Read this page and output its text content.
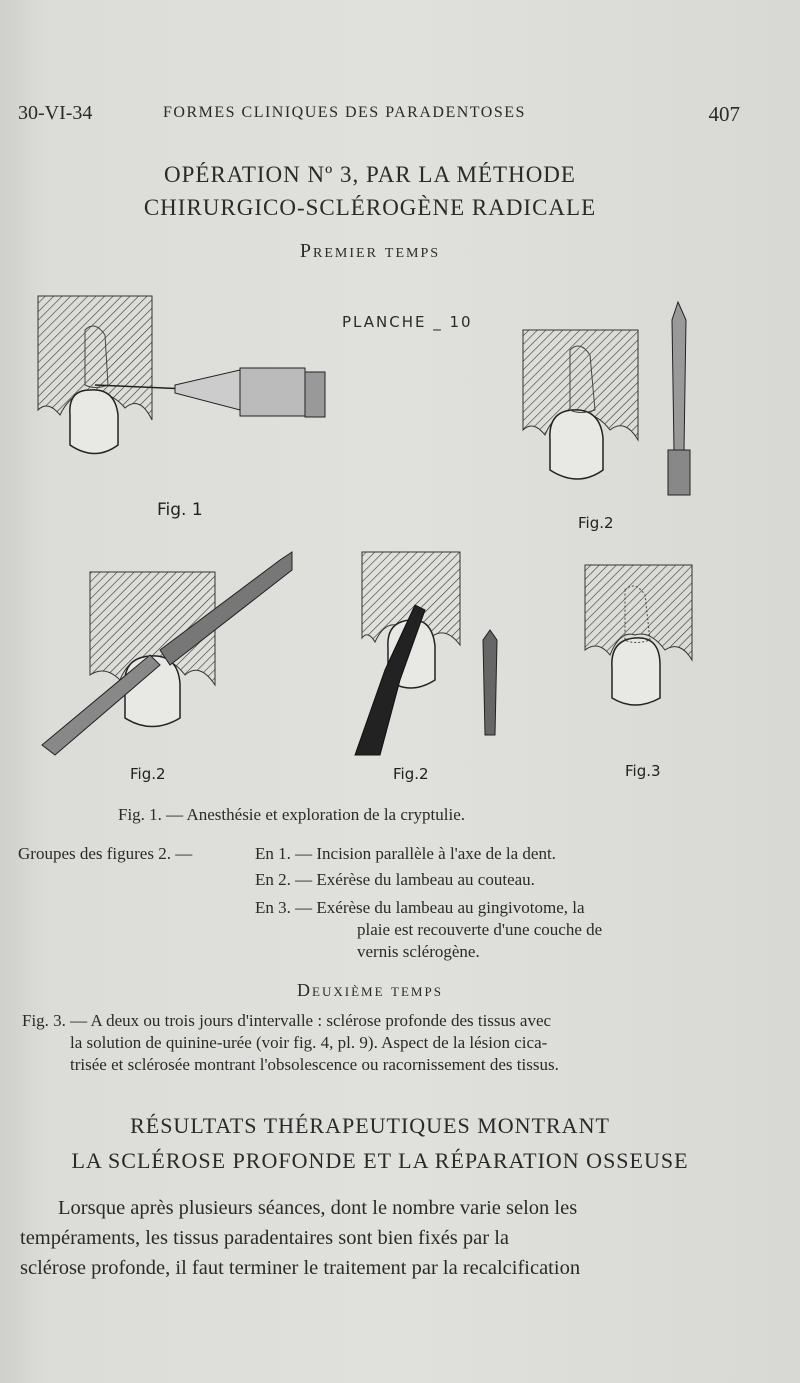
30-VI-34	FORMES CLINIQUES DES PARADENTOSES	407
OPÉRATION Nº 3, PAR LA MÉTHODE
CHIRURGICO-SCLÉROGÈNE RADICALE
Premier temps
PLANCHE _ 10
Fig. 1
Fig.2
Fig.2	Fig.2	Fig.3
Fig. 1. — Anesthésie et exploration de la cryptulie.
Groupes des figures 2. —	En 1. — Incision parallèle à l'axe de la dent.
En 2. — Exérèse du lambeau au couteau.
En 3. — Exérèse du lambeau au gingivotome, la
plaie est recouverte d'une couche de
vernis sclérogène.
Deuxième temps
Fig. 3. — A deux ou trois jours d'intervalle : sclérose profonde des tissus avec
la solution de quinine-urée (voir fig. 4, pl. 9). Aspect de la lésion cica-
trisée et sclérosée montrant l'obsolescence ou racornissement des tissus.
RÉSULTATS THÉRAPEUTIQUES MONTRANT
LA SCLÉROSE PROFONDE ET LA RÉPARATION OSSEUSE
Lorsque après plusieurs séances, dont le nombre varie selon les
tempéraments, les tissus paradentaires sont bien fixés par la
sclérose profonde, il faut terminer le traitement par la recalcification
